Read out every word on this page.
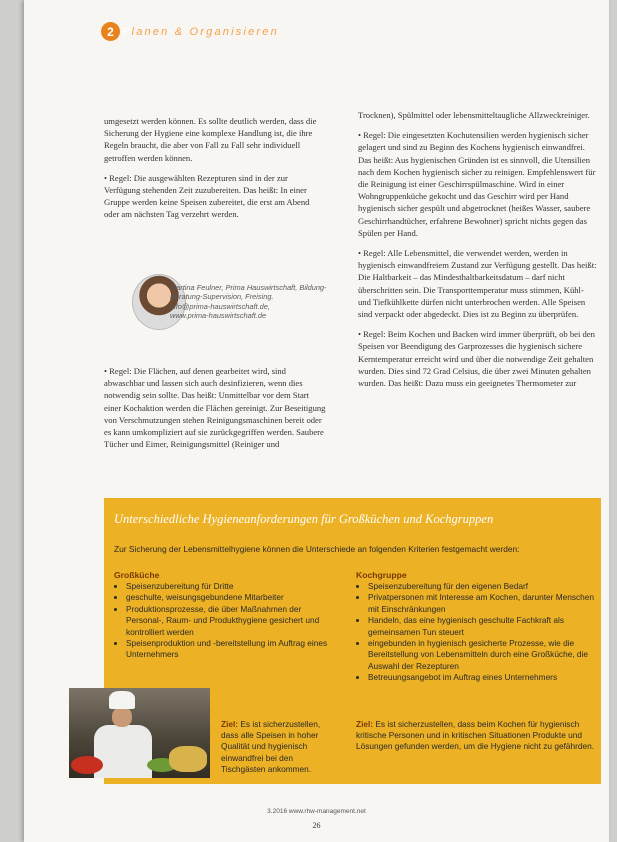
2 Planen & Organisieren

umgesetzt werden können. Es sollte deutlich werden, dass die Sicherung der Hygiene eine komplexe Handlung ist, die ihre Regeln braucht, die aber von Fall zu Fall sehr individuell getroffen werden können.

• Regel: Die ausgewählten Rezepturen sind in der zur Verfügung stehenden Zeit zuzubereiten. Das heißt: In einer Gruppe werden keine Speisen zubereitet, die erst am Abend oder am nächsten Tag verzehrt werden.

Martina Feulner, Prima Hauswirtschaft, Bildung-Beratung-Supervision, Freising.
info@prima-hauswirtschaft.de,
www.prima-hauswirtschaft.de

• Regel: Die Flächen, auf denen gearbeitet wird, sind abwaschbar und lassen sich auch desinfizieren, wenn dies notwendig sein sollte. Das heißt: Unmittelbar vor dem Start einer Kochaktion werden die Flächen gereinigt. Zur Beseitigung von Verschmutzungen stehen Reinigungsmaschinen bereit oder es kann umkompliziert auf sie zurückgegriffen werden. Saubere Tücher und Eimer, Reinigungsmittel (Reiniger und

Trocknen), Spülmittel oder lebensmitteltaugliche Allzweckreiniger.

• Regel: Die eingesetzten Kochutensilien werden hygienisch sicher gelagert und sind zu Beginn des Kochens hygienisch einwandfrei. Das heißt: Aus hygienischen Gründen ist es sinnvoll, die Utensilien nach dem Kochen hygienisch sicher zu reinigen. Empfehlenswert für die Reinigung ist einer Geschirrspülmaschine. Wird in einer Wohngruppenküche gekocht und das Geschirr wird per Hand hygienisch sicher gespült und abgetrocknet (heißes Wasser, saubere Geschirrhandtücher, erfahrene Bewohner) spricht nichts gegen das Spülen per Hand.

• Regel: Alle Lebensmittel, die verwendet werden, werden in hygienisch einwandfreiem Zustand zur Verfügung gestellt. Das heißt: Die Haltbarkeit – das Mindesthaltbarkeitsdatum – darf nicht überschritten sein. Die Transporttemperatur muss stimmen, Kühl- und Tiefkühlkette dürfen nicht unterbrochen werden. Alle Speisen sind verpackt oder abgedeckt. Dies ist zu Beginn zu überprüfen.

• Regel: Beim Kochen und Backen wird immer überprüft, ob bei den Speisen vor Beendigung des Garprozesses die hygienisch sichere Kerntemperatur erreicht wird und über die notwendige Zeit gehalten wurden. Dies sind 72 Grad Celsius, die über zwei Minuten gehalten wurden. Das heißt: Dazu muss ein geeignetes Thermometer zur

Unterschiedliche Hygieneanforderungen für Großküchen und Kochgruppen
Zur Sicherung der Lebensmittelhygiene können die Unterschiede an folgenden Kriterien festgemacht werden:
Großküche
• Speisenzubereitung für Dritte
• geschulte, weisungsgebundene Mitarbeiter
• Produktionsprozesse, die über Maßnahmen der Personal-, Raum- und Produkthygiene gesichert und kontrolliert werden
• Speisenproduktion und -bereitstellung im Auftrag eines Unternehmers
Kochgruppe
• Speisenzubereitung für den eigenen Bedarf
• Privatpersonen mit Interesse am Kochen, darunter Menschen mit Einschränkungen
• Handeln, das eine hygienisch geschulte Fachkraft als gemeinsamen Tun steuert
• eingebunden in hygienisch gesicherte Prozesse, wie die Bereitstellung von Lebensmitteln durch eine Großküche, die Auswahl der Rezepturen
• Betreuungsangebot im Auftrag eines Unternehmers
Ziel: Es ist sicherzustellen, dass alle Speisen in hoher Qualität und hygienisch einwandfrei bei den Tischgästen ankommen.
Ziel: Es ist sicherzustellen, dass beim Kochen für hygienisch kritische Personen und in kritischen Situationen Produkte und Lösungen gefunden werden, um die Hygiene nicht zu gefährden.
3.2016 www.rhw-management.net
26
